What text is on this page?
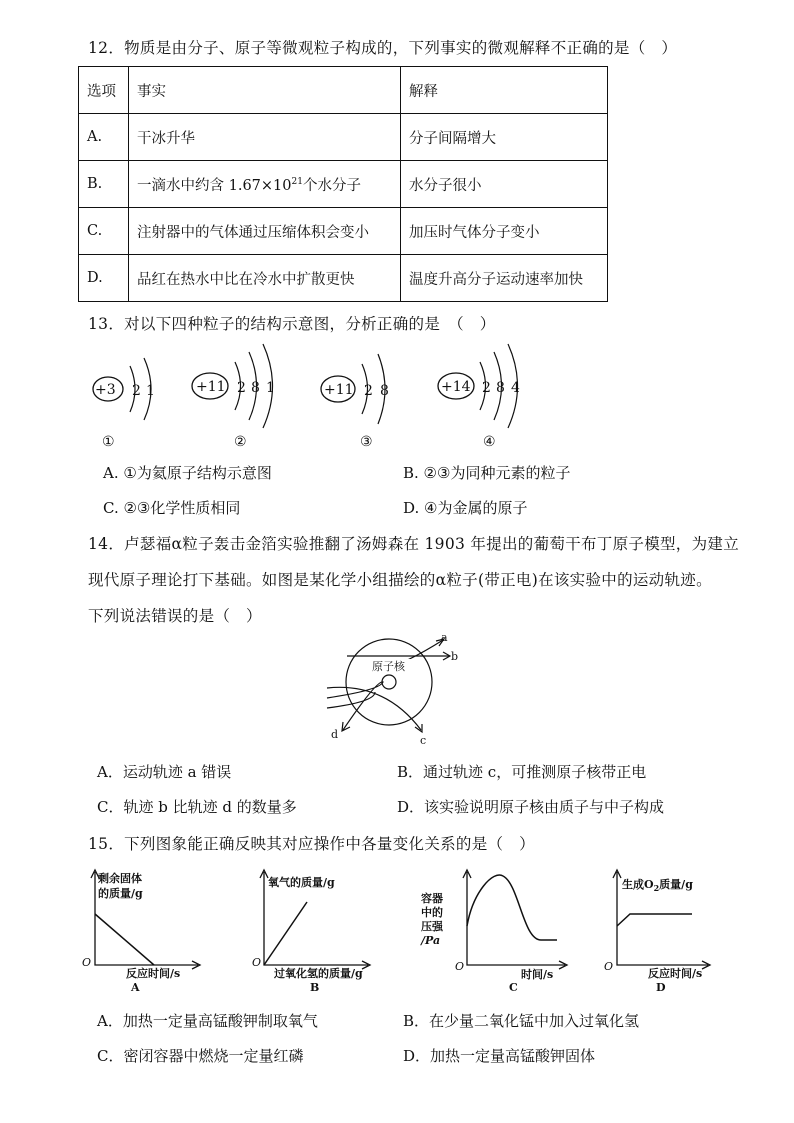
12．物质是由分子、原子等微观粒子构成的，下列事实的微观解释不正确的是（　）
选项	事实	解释
A.	干冰升华	分子间隔增大
B.	一滴水中约含 $1.67\times 10^{21}$个水分子	水分子很小
C.	注射器中的气体通过压缩体积会变小	加压时气体分子变小
D.	品红在热水中比在冷水中扩散更快	温度升高分子运动速率加快
13．对以下四种粒子的结构示意图，分析正确的是　（　）
+3 2 1
①
+11 2 8 1
②
+11 2 8
③
+14 2 8 4
④
A. ①为氦原子结构示意图	B. ②③为同种元素的粒子
C. ②③化学性质相同	D. ④为金属的原子
14．卢瑟福α粒子轰击金箔实验推翻了汤姆森在 1903 年提出的葡萄干布丁原子模型，为建立
现代原子理论打下基础。如图是某化学小组描绘的α粒子(带正电)在该实验中的运动轨迹。
下列说法错误的是（　）
原子核
a
b
c
d
A．运动轨迹 a 错误	B．通过轨迹 c，可推测原子核带正电
C．轨迹 b 比轨迹 d 的数量多	D．该实验说明原子核由质子与中子构成
15．下列图象能正确反映其对应操作中各量变化关系的是（　）
剩余固体
的质量/g
O
反应时间/s
A
氧气的质量/g
O
过氧化氢的质量/g
B
容器
中的
压强
/Pa
O
时间/s
C
生成$O_2$质量/g
O
反应时间/s
D
A．加热一定量高锰酸钾制取氧气	B．在少量二氧化锰中加入过氧化氢
C．密闭容器中燃烧一定量红磷	D．加热一定量高锰酸钾固体
